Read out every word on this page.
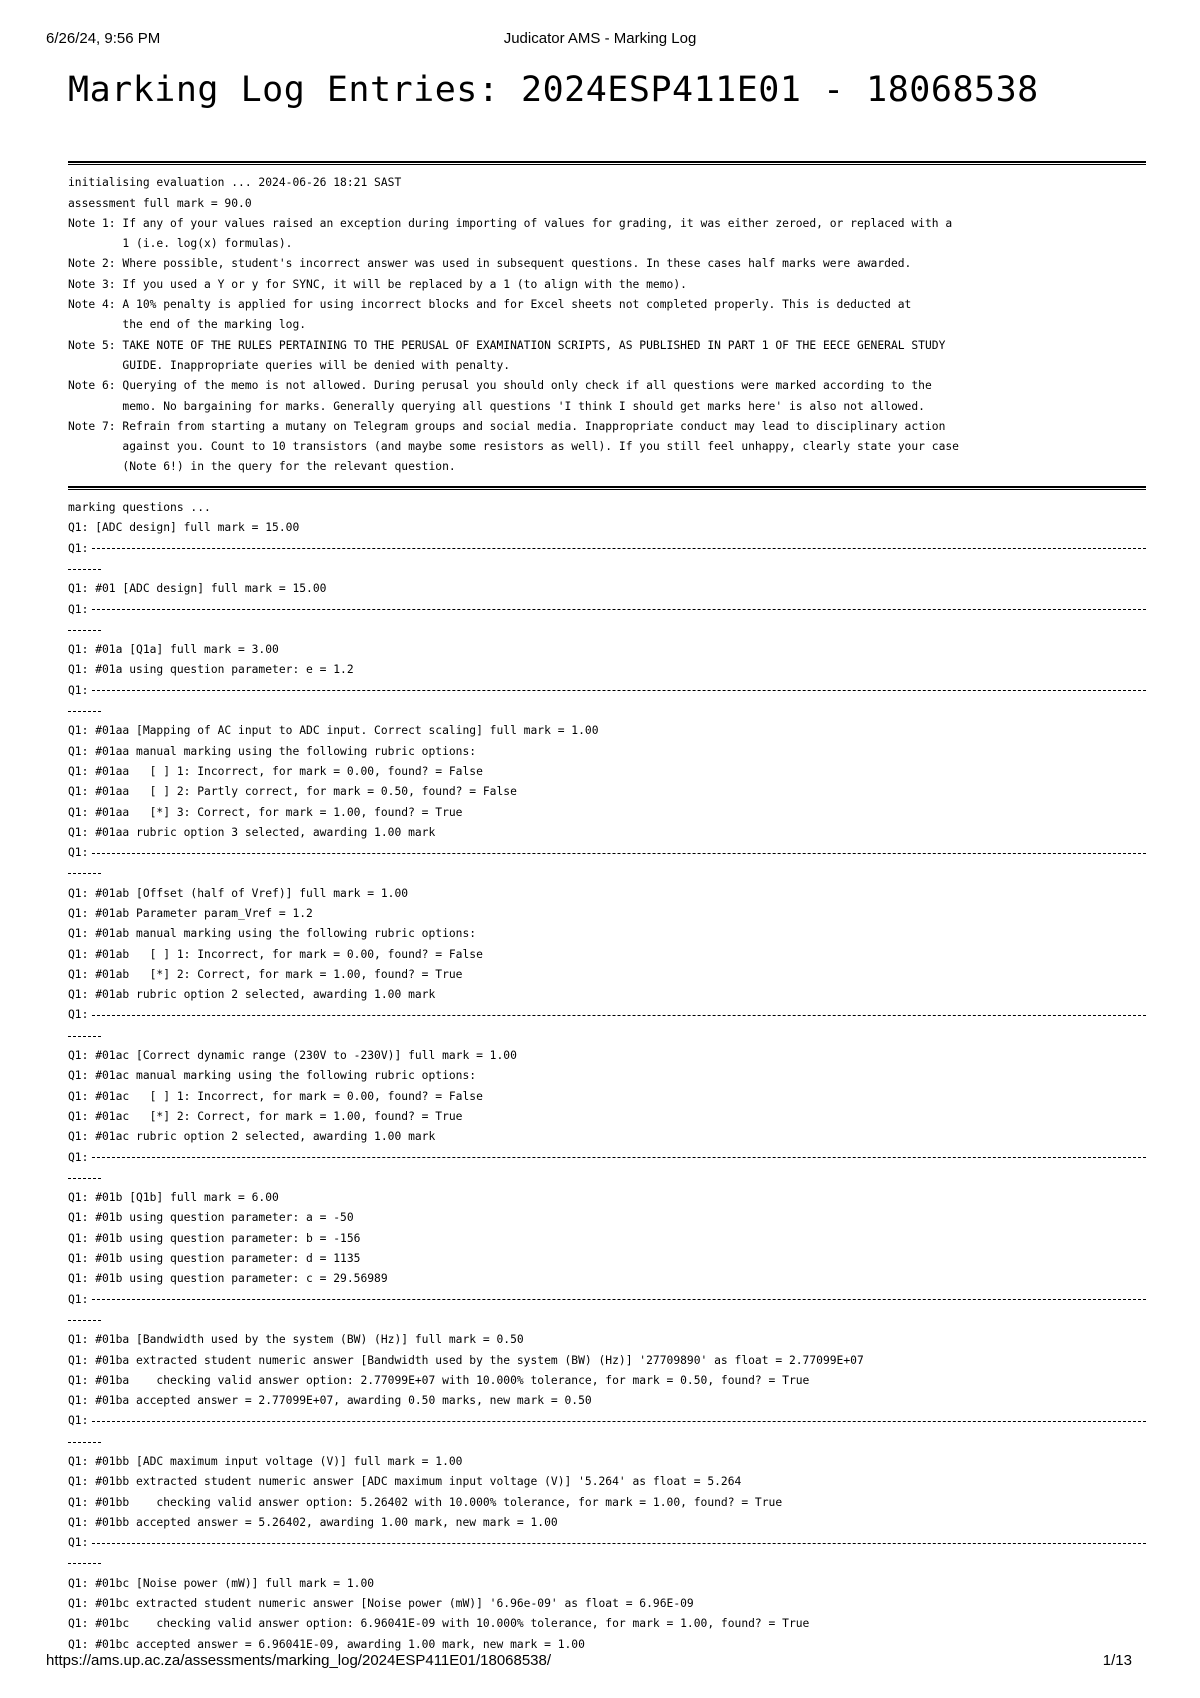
6/26/24, 9:56 PM	Judicator AMS - Marking Log
Marking Log Entries: 2024ESP411E01 - 18068538
initialising evaluation ... 2024-06-26 18:21 SAST
assessment full mark = 90.0
Note 1: If any of your values raised an exception during importing of values for grading, it was either zeroed, or replaced with a
1 (i.e. log(x) formulas).
Note 2: Where possible, student's incorrect answer was used in subsequent questions. In these cases half marks were awarded.
Note 3: If you used a Y or y for SYNC, it will be replaced by a 1 (to align with the memo).
Note 4: A 10% penalty is applied for using incorrect blocks and for Excel sheets not completed properly. This is deducted at
the end of the marking log.
Note 5: TAKE NOTE OF THE RULES PERTAINING TO THE PERUSAL OF EXAMINATION SCRIPTS, AS PUBLISHED IN PART 1 OF THE EECE GENERAL STUDY
GUIDE. Inappropriate queries will be denied with penalty.
Note 6: Querying of the memo is not allowed. During perusal you should only check if all questions were marked according to the
memo. No bargaining for marks. Generally querying all questions 'I think I should get marks here' is also not allowed.
Note 7: Refrain from starting a mutany on Telegram groups and social media. Inappropriate conduct may lead to disciplinary action
against you. Count to 10 transistors (and maybe some resistors as well). If you still feel unhappy, clearly state your case
(Note 6!) in the query for the relevant question.
marking questions ...
Q1: [ADC design] full mark = 15.00
Q1:
Q1: #01 [ADC design] full mark = 15.00
Q1:
Q1: #01a [Q1a] full mark = 3.00
Q1: #01a using question parameter: e = 1.2
Q1:
Q1: #01aa [Mapping of AC input to ADC input. Correct scaling] full mark = 1.00
Q1: #01aa manual marking using the following rubric options:
Q1: #01aa   [ ] 1: Incorrect, for mark = 0.00, found? = False
Q1: #01aa   [ ] 2: Partly correct, for mark = 0.50, found? = False
Q1: #01aa   [*] 3: Correct, for mark = 1.00, found? = True
Q1: #01aa rubric option 3 selected, awarding 1.00 mark
Q1:
Q1: #01ab [Offset (half of Vref)] full mark = 1.00
Q1: #01ab Parameter param_Vref = 1.2
Q1: #01ab manual marking using the following rubric options:
Q1: #01ab   [ ] 1: Incorrect, for mark = 0.00, found? = False
Q1: #01ab   [*] 2: Correct, for mark = 1.00, found? = True
Q1: #01ab rubric option 2 selected, awarding 1.00 mark
Q1:
Q1: #01ac [Correct dynamic range (230V to -230V)] full mark = 1.00
Q1: #01ac manual marking using the following rubric options:
Q1: #01ac   [ ] 1: Incorrect, for mark = 0.00, found? = False
Q1: #01ac   [*] 2: Correct, for mark = 1.00, found? = True
Q1: #01ac rubric option 2 selected, awarding 1.00 mark
Q1:
Q1: #01b [Q1b] full mark = 6.00
Q1: #01b using question parameter: a = -50
Q1: #01b using question parameter: b = -156
Q1: #01b using question parameter: d = 1135
Q1: #01b using question parameter: c = 29.56989
Q1:
Q1: #01ba [Bandwidth used by the system (BW) (Hz)] full mark = 0.50
Q1: #01ba extracted student numeric answer [Bandwidth used by the system (BW) (Hz)] '27709890' as float = 2.77099E+07
Q1: #01ba    checking valid answer option: 2.77099E+07 with 10.000% tolerance, for mark = 0.50, found? = True
Q1: #01ba accepted answer = 2.77099E+07, awarding 0.50 marks, new mark = 0.50
Q1:
Q1: #01bb [ADC maximum input voltage (V)] full mark = 1.00
Q1: #01bb extracted student numeric answer [ADC maximum input voltage (V)] '5.264' as float = 5.264
Q1: #01bb    checking valid answer option: 5.26402 with 10.000% tolerance, for mark = 1.00, found? = True
Q1: #01bb accepted answer = 5.26402, awarding 1.00 mark, new mark = 1.00
Q1:
Q1: #01bc [Noise power (mW)] full mark = 1.00
Q1: #01bc extracted student numeric answer [Noise power (mW)] '6.96e-09' as float = 6.96E-09
Q1: #01bc    checking valid answer option: 6.96041E-09 with 10.000% tolerance, for mark = 1.00, found? = True
Q1: #01bc accepted answer = 6.96041E-09, awarding 1.00 mark, new mark = 1.00
https://ams.up.ac.za/assessments/marking_log/2024ESP411E01/18068538/	1/13
